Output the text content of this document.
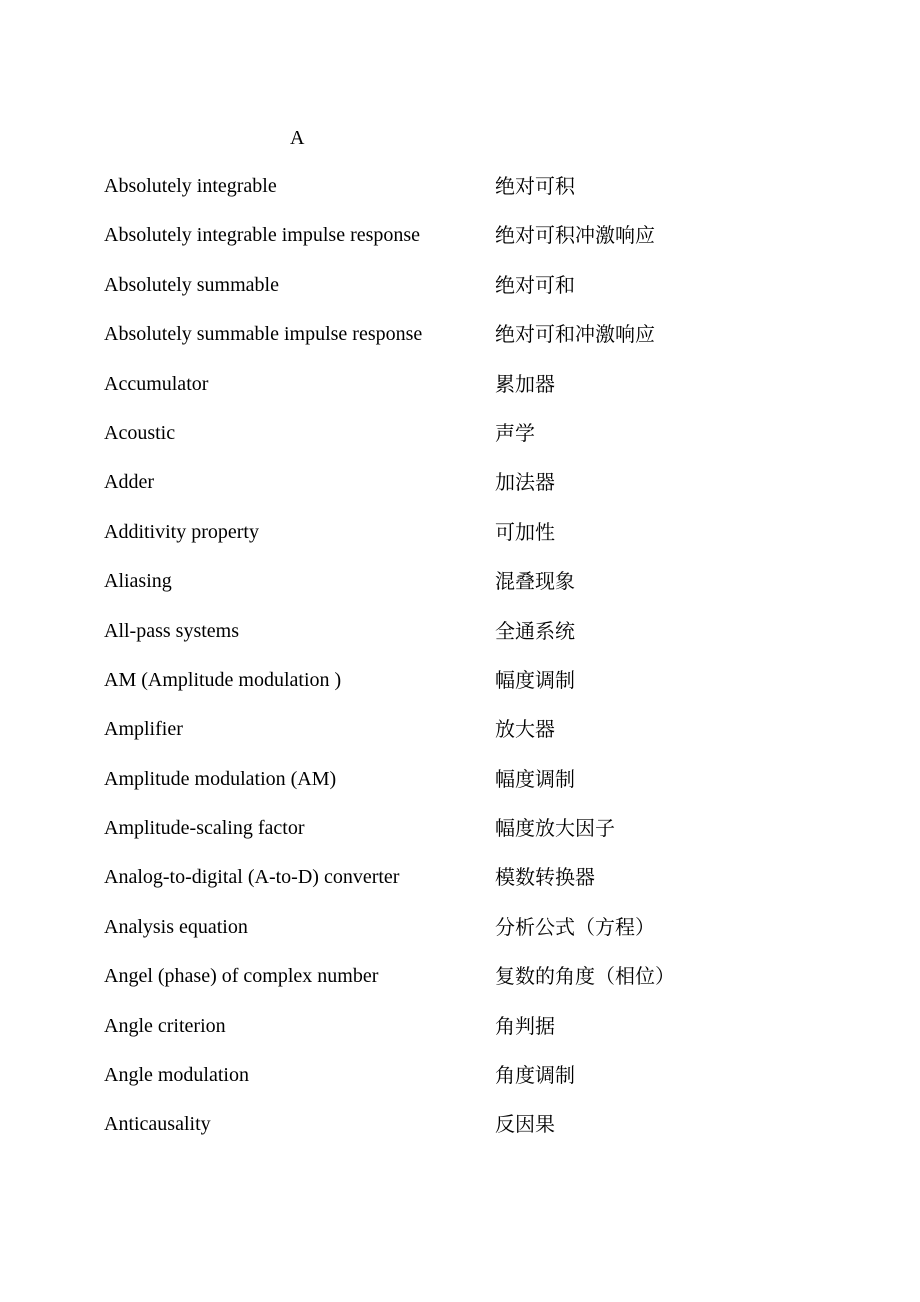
A
Absolutely integrable	绝对可积
Absolutely integrable impulse response	绝对可积冲激响应
Absolutely summable	绝对可和
Absolutely summable impulse response	绝对可和冲激响应
Accumulator	累加器
Acoustic	声学
Adder	加法器
Additivity property	可加性
Aliasing	混叠现象
All-pass systems	全通系统
AM (Amplitude modulation )	幅度调制
Amplifier	放大器
Amplitude modulation (AM)	幅度调制
Amplitude-scaling factor	幅度放大因子
Analog-to-digital (A-to-D) converter	模数转换器
Analysis equation	分析公式（方程）
Angel (phase) of complex number	复数的角度（相位）
Angle criterion	角判据
Angle modulation	角度调制
Anticausality	反因果
